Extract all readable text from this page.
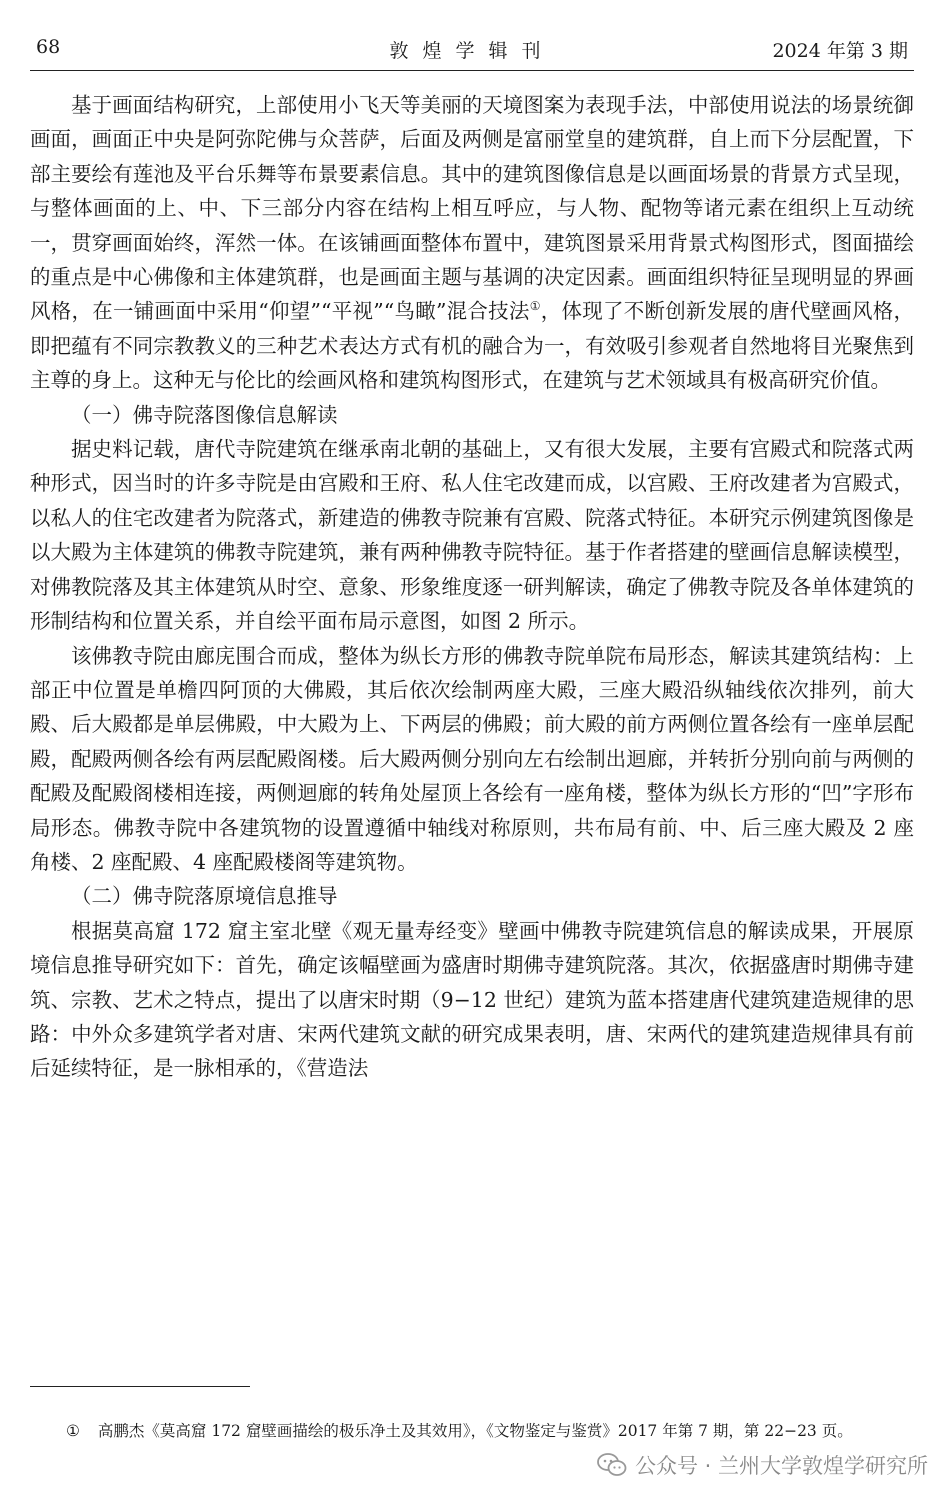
68	敦煌学辑刊	2024 年第 3 期

基于画面结构研究，上部使用小飞天等美丽的天境图案为表现手法，中部使用说法的场景统御画面，画面正中央是阿弥陀佛与众菩萨，后面及两侧是富丽堂皇的建筑群，自上而下分层配置，下部主要绘有莲池及平台乐舞等布景要素信息。其中的建筑图像信息是以画面场景的背景方式呈现，与整体画面的上、中、下三部分内容在结构上相互呼应，与人物、配物等诸元素在组织上互动统一，贯穿画面始终，浑然一体。在该铺画面整体布置中，建筑图景采用背景式构图形式，图面描绘的重点是中心佛像和主体建筑群，也是画面主题与基调的决定因素。画面组织特征呈现明显的界画风格，在一铺画面中采用“仰望”“平视”“鸟瞰”混合技法①，体现了不断创新发展的唐代壁画风格，即把蕴有不同宗教教义的三种艺术表达方式有机的融合为一，有效吸引参观者自然地将目光聚焦到主尊的身上。这种无与伦比的绘画风格和建筑构图形式，在建筑与艺术领域具有极高研究价值。

（一）佛寺院落图像信息解读

据史料记载，唐代寺院建筑在继承南北朝的基础上，又有很大发展，主要有宫殿式和院落式两种形式，因当时的许多寺院是由宫殿和王府、私人住宅改建而成，以宫殿、王府改建者为宫殿式，以私人的住宅改建者为院落式，新建造的佛教寺院兼有宫殿、院落式特征。本研究示例建筑图像是以大殿为主体建筑的佛教寺院建筑，兼有两种佛教寺院特征。基于作者搭建的壁画信息解读模型，对佛教院落及其主体建筑从时空、意象、形象维度逐一研判解读，确定了佛教寺院及各单体建筑的形制结构和位置关系，并自绘平面布局示意图，如图 2 所示。

该佛教寺院由廊庑围合而成，整体为纵长方形的佛教寺院单院布局形态，解读其建筑结构：上部正中位置是单檐四阿顶的大佛殿，其后依次绘制两座大殿，三座大殿沿纵轴线依次排列，前大殿、后大殿都是单层佛殿，中大殿为上、下两层的佛殿；前大殿的前方两侧位置各绘有一座单层配殿，配殿两侧各绘有两层配殿阁楼。后大殿两侧分别向左右绘制出迴廊，并转折分别向前与两侧的配殿及配殿阁楼相连接，两侧迴廊的转角处屋顶上各绘有一座角楼，整体为纵长方形的“凹”字形布局形态。佛教寺院中各建筑物的设置遵循中轴线对称原则，共布局有前、中、后三座大殿及 2 座角楼、2 座配殿、4 座配殿楼阁等建筑物。

（二）佛寺院落原境信息推导

根据莫高窟 172 窟主室北壁《观无量寿经变》壁画中佛教寺院建筑信息的解读成果，开展原境信息推导研究如下：首先，确定该幅壁画为盛唐时期佛寺建筑院落。其次，依据盛唐时期佛寺建筑、宗教、艺术之特点，提出了以唐宋时期（9−12 世纪）建筑为蓝本搭建唐代建筑建造规律的思路：中外众多建筑学者对唐、宋两代建筑文献的研究成果表明，唐、宋两代的建筑建造规律具有前后延续特征，是一脉相承的，《营造法

① 高鹏杰《莫高窟 172 窟壁画描绘的极乐净土及其效用》，《文物鉴定与鉴赏》2017 年第 7 期，第 22−23 页。
公众号 · 兰州大学敦煌学研究所
